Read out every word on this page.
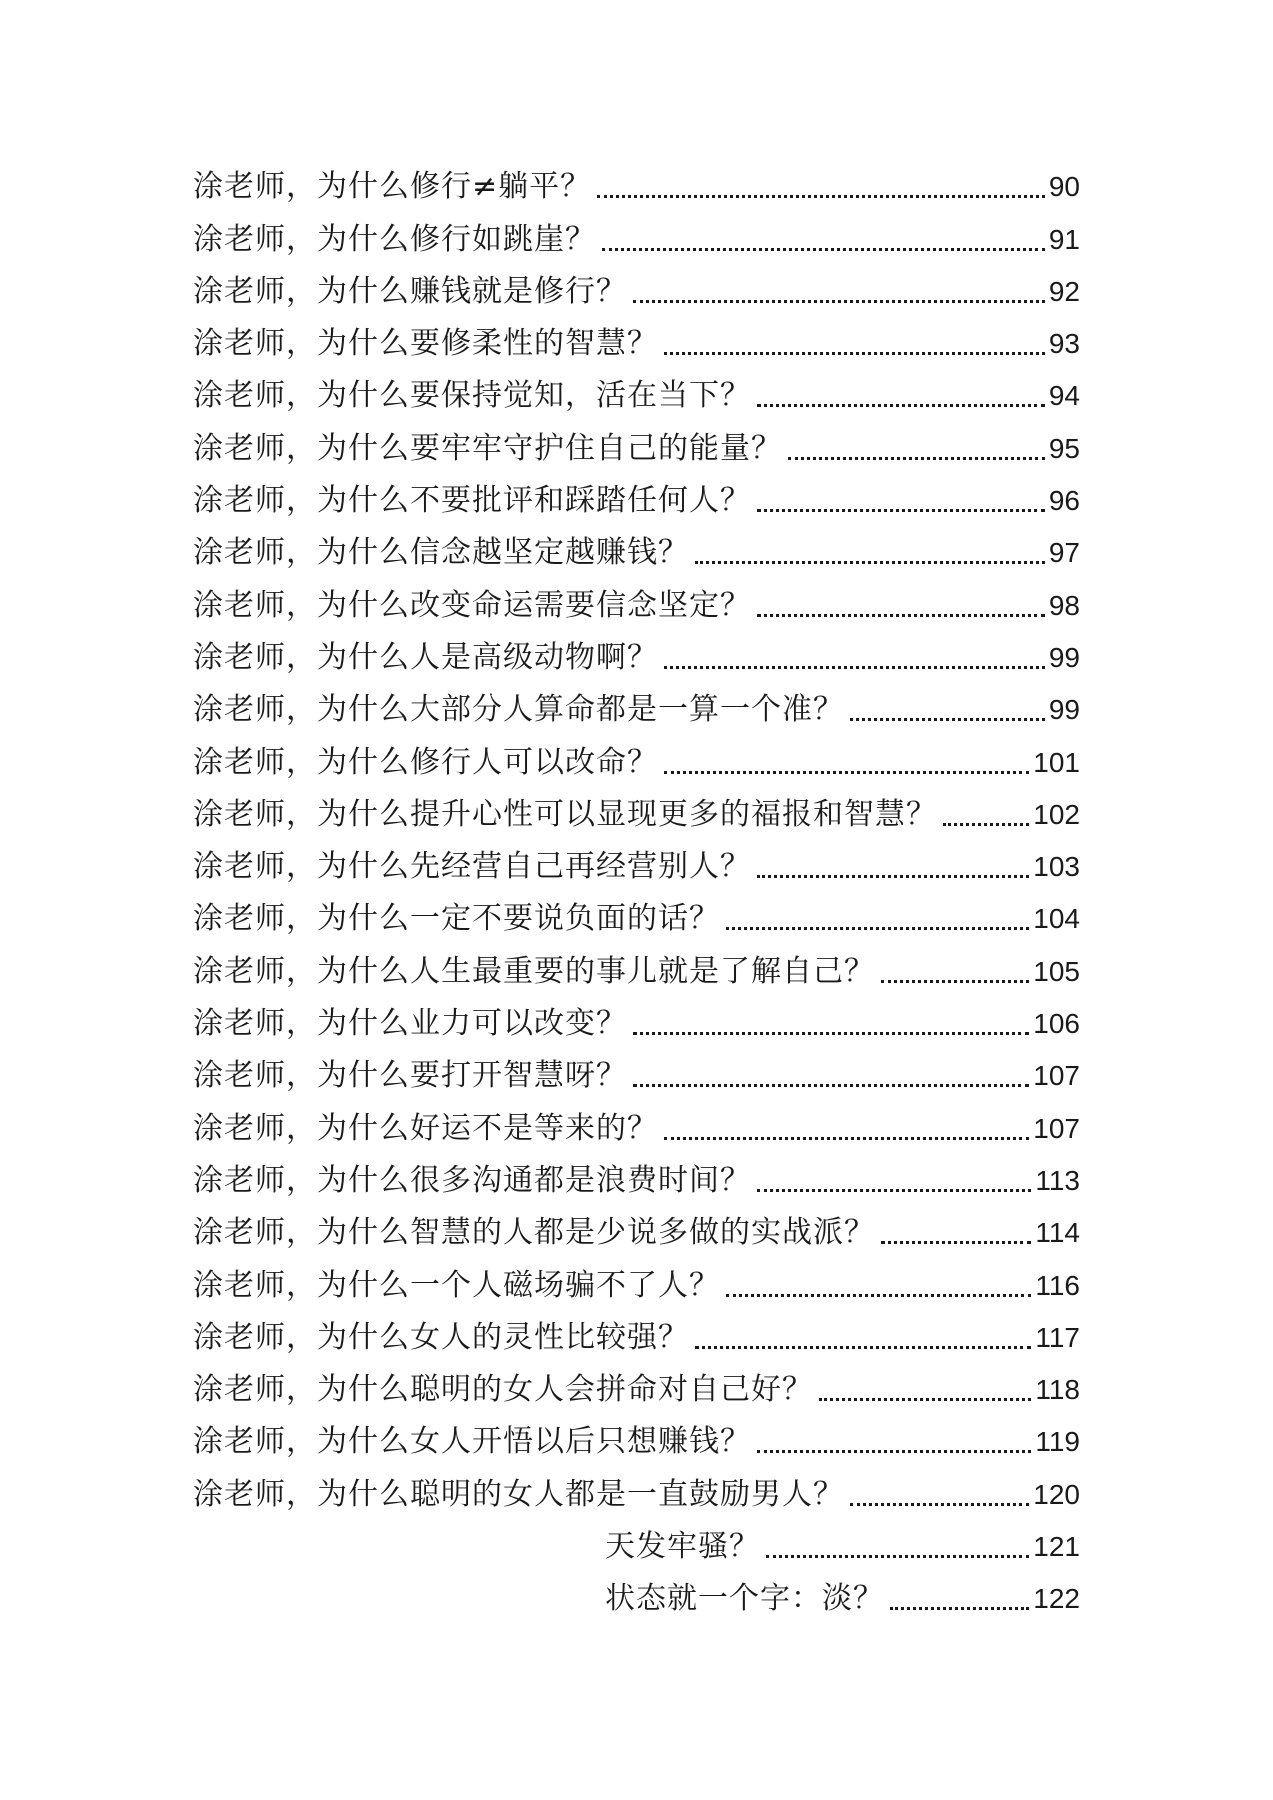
涂老师，为什么修行≠躺平？	90
涂老师，为什么修行如跳崖？	91
涂老师，为什么赚钱就是修行？	92
涂老师，为什么要修柔性的智慧？	93
涂老师，为什么要保持觉知，活在当下？	94
涂老师，为什么要牢牢守护住自己的能量？	95
涂老师，为什么不要批评和踩踏任何人？	96
涂老师，为什么信念越坚定越赚钱？	97
涂老师，为什么改变命运需要信念坚定？	98
涂老师，为什么人是高级动物啊？	99
涂老师，为什么大部分人算命都是一算一个准？	99
涂老师，为什么修行人可以改命？	101
涂老师，为什么提升心性可以显现更多的福报和智慧？	102
涂老师，为什么先经营自己再经营别人？	103
涂老师，为什么一定不要说负面的话？	104
涂老师，为什么人生最重要的事儿就是了解自己？	105
涂老师，为什么业力可以改变？	106
涂老师，为什么要打开智慧呀？	107
涂老师，为什么好运不是等来的？	107
涂老师，为什么很多沟通都是浪费时间？	113
涂老师，为什么智慧的人都是少说多做的实战派？	114
涂老师，为什么一个人磁场骗不了人？	116
涂老师，为什么女人的灵性比较强？	117
涂老师，为什么聪明的女人会拼命对自己好？	118
涂老师，为什么女人开悟以后只想赚钱？	119
涂老师，为什么聪明的女人都是一直鼓励男人？	120
天发牢骚？	121
状态就一个字：淡？	122
